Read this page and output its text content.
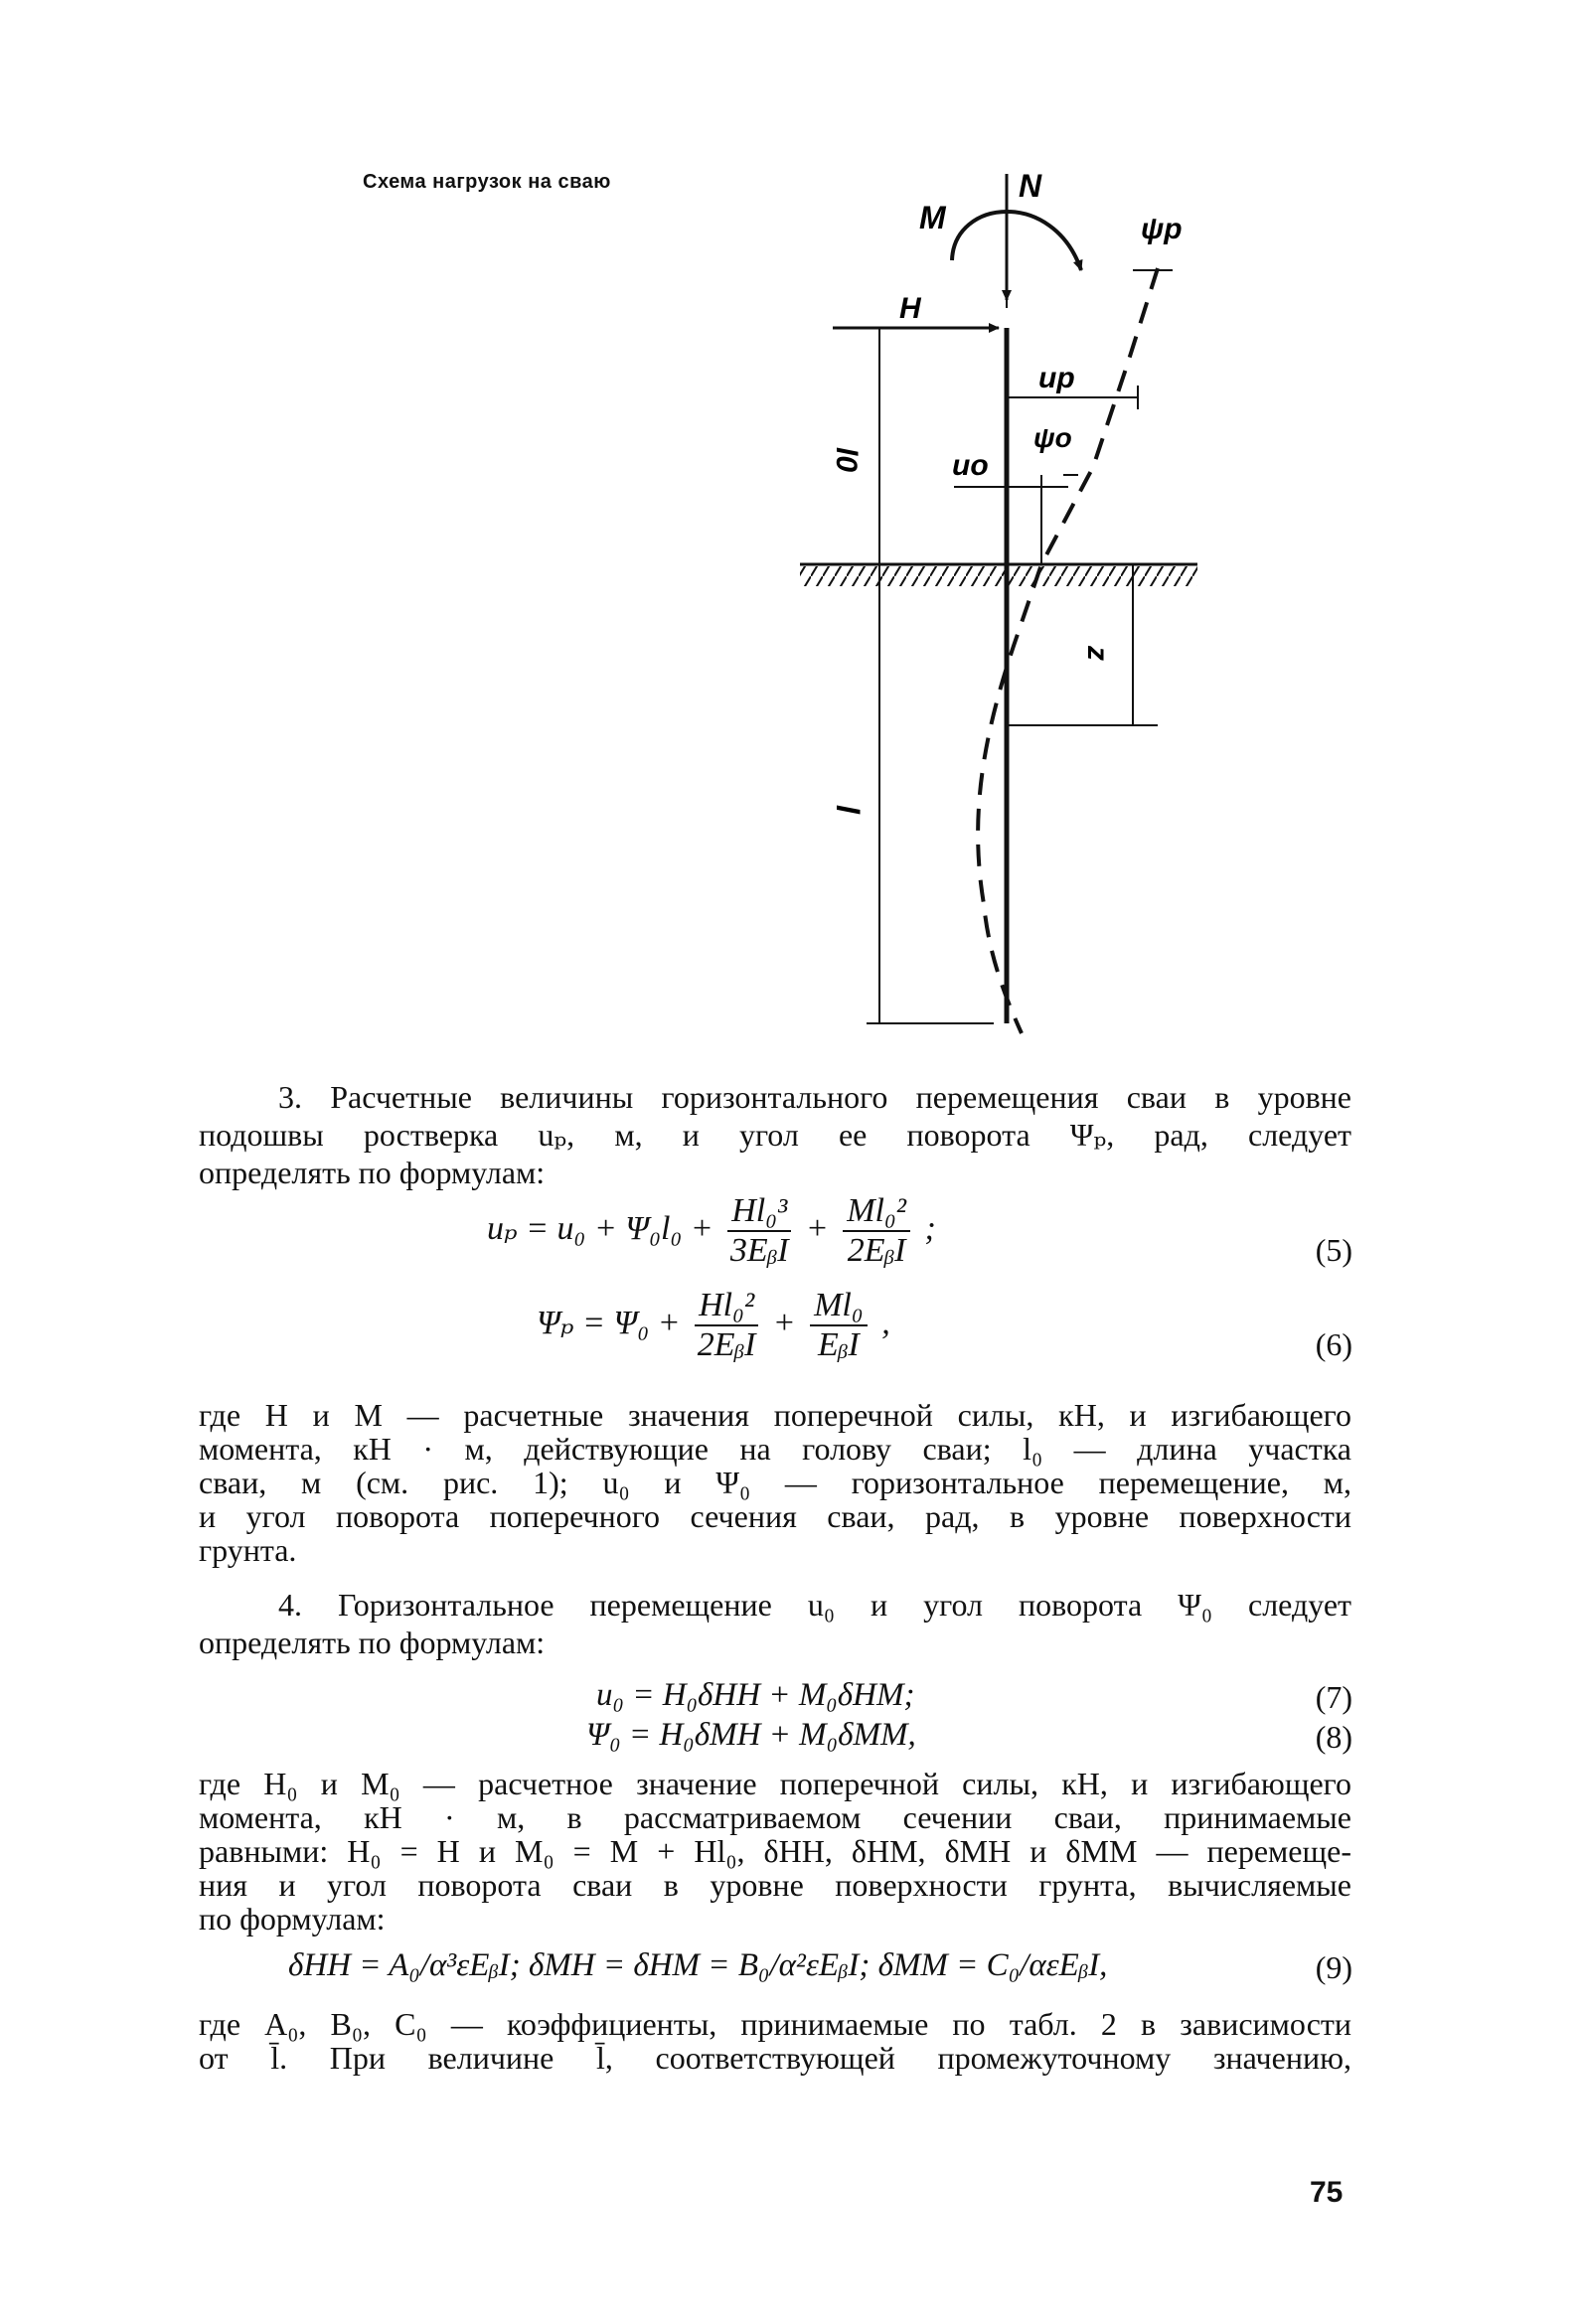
Схема нагрузок на сваю	N
M
H
ψp
up
ψo
uo
l0
z
l
3. Расчетные величины горизонтального перемещения сваи в уровне
подошвы ростверка uₚ, м, и угол ее поворота Ψₚ, рад, следует
определять по формулам:
$u_p = u_0 + \Psi_0l_0 + \frac{\text{Hl₀³}}{\text{3EᵦI}} + \frac{\text{Ml₀²}}{\text{2EᵦI}}$ ;
(5)
$\Psi_p = \Psi_0 + \frac{\text{Hl₀²}}{\text{2EᵦI}} + \frac{\text{Ml₀}}{\text{EᵦI}}$ ,
(6)
где H и M — расчетные значения поперечной силы, кН, и изгибающего
момента, кН · м, действующие на голову сваи; l₀ — длина участка
сваи, м (см. рис. 1); u₀ и Ψ₀ — горизонтальное перемещение, м,
и угол поворота поперечного сечения сваи, рад, в уровне поверхности
грунта.
4. Горизонтальное перемещение u₀ и угол поворота Ψ₀ следует
определять по формулам:
u₀ = H₀δHH + M₀δHM;	(7)
Ψ₀ = H₀δMH + M₀δMM,	(8)
где H₀ и M₀ — расчетное значение поперечной силы, кН, и изгибающего
момента, кН · м, в рассматриваемом сечении сваи, принимаемые
равными: H₀ = H и M₀ = M + Hl₀, δHH, δHM, δMH и δMM — перемеще-
ния и угол поворота сваи в уровне поверхности грунта, вычисляемые
по формулам:
δHH = A₀/α³εEᵦI; δMH = δHM = B₀/α²εEᵦI; δMM = C₀/αεEᵦI,	(9)
где A₀, B₀, C₀ — коэффициенты, принимаемые по табл. 2 в зависимости
от l̄. При величине l̄, соответствующей промежуточному значению,
75
